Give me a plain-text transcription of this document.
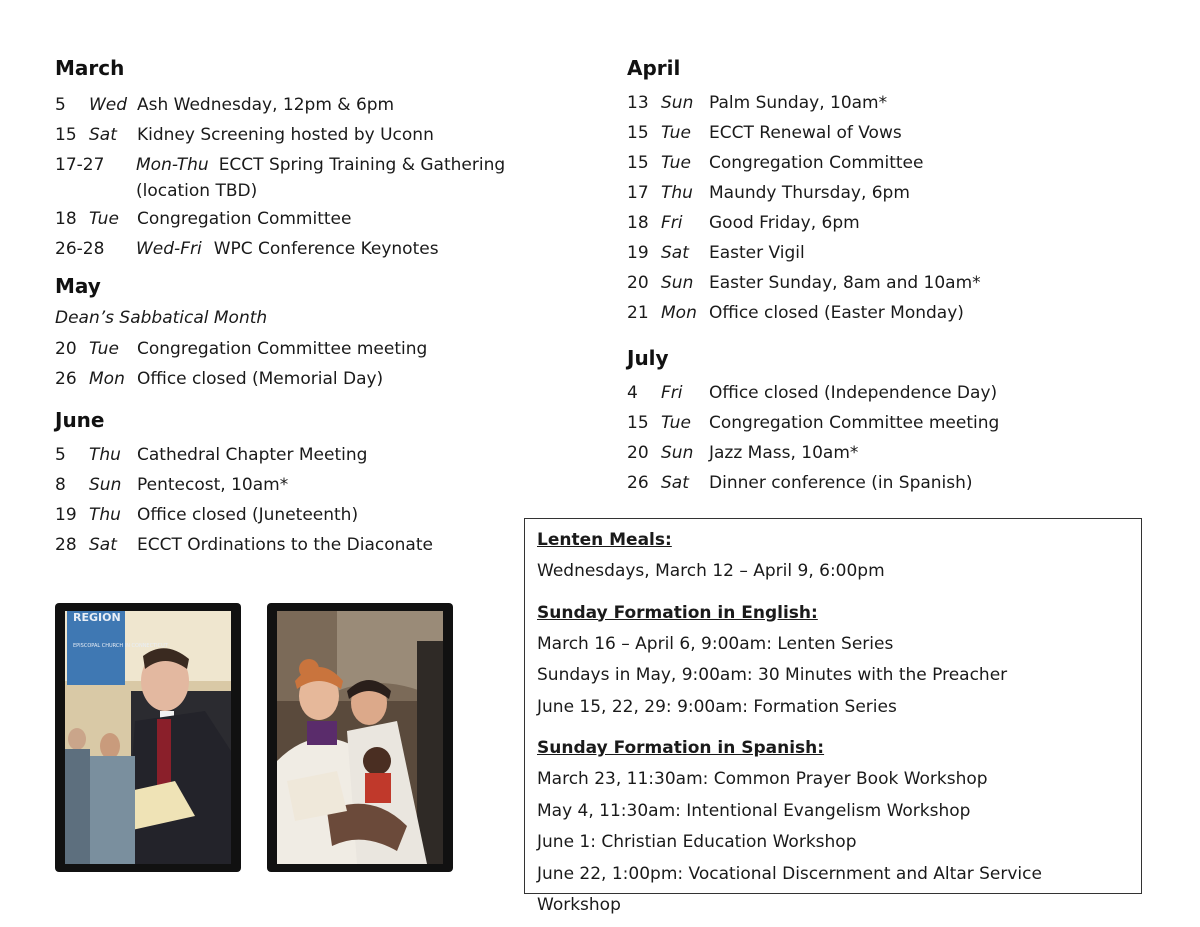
March
5	Wed Ash Wednesday, 12pm & 6pm
15 Sat	Kidney Screening hosted by Uconn
17-27	Mon-Thu ECCT Spring Training & Gathering (location TBD)
18 Tue	Congregation Committee
26-28	Wed-Fri WPC Conference Keynotes
May
Dean’s Sabbatical Month
20 Tue	Congregation Committee meeting
26 Mon Office closed (Memorial Day)
June
5	Thu Cathedral Chapter Meeting
8	Sun Pentecost, 10am*
19 Thu Office closed (Juneteenth)
28 Sat	ECCT Ordinations to the Diaconate
REGION
EPISCOPAL CHURCH IN CONNECTICUT
April
13 Sun Palm Sunday, 10am*
15 Tue	ECCT Renewal of Vows
15 Tue	Congregation Committee
17 Thu Maundy Thursday, 6pm
18 Fri	Good Friday, 6pm
19 Sat	Easter Vigil
20 Sun Easter Sunday, 8am and 10am*
21 Mon Office closed (Easter Monday)
July
4	Fri	Office closed (Independence Day)
15 Tue	Congregation Committee meeting
20 Sun Jazz Mass, 10am*
26 Sat	Dinner conference (in Spanish)
Lenten Meals:
Wednesdays, March 12 – April 9, 6:00pm
Sunday Formation in English:
March 16 – April 6, 9:00am: Lenten Series
Sundays in May, 9:00am: 30 Minutes with the Preacher
June 15, 22, 29: 9:00am: Formation Series
Sunday Formation in Spanish:
March 23, 11:30am: Common Prayer Book Workshop
May 4, 11:30am: Intentional Evangelism Workshop
June 1: Christian Education Workshop
June 22, 1:00pm: Vocational Discernment and Altar Service Workshop
